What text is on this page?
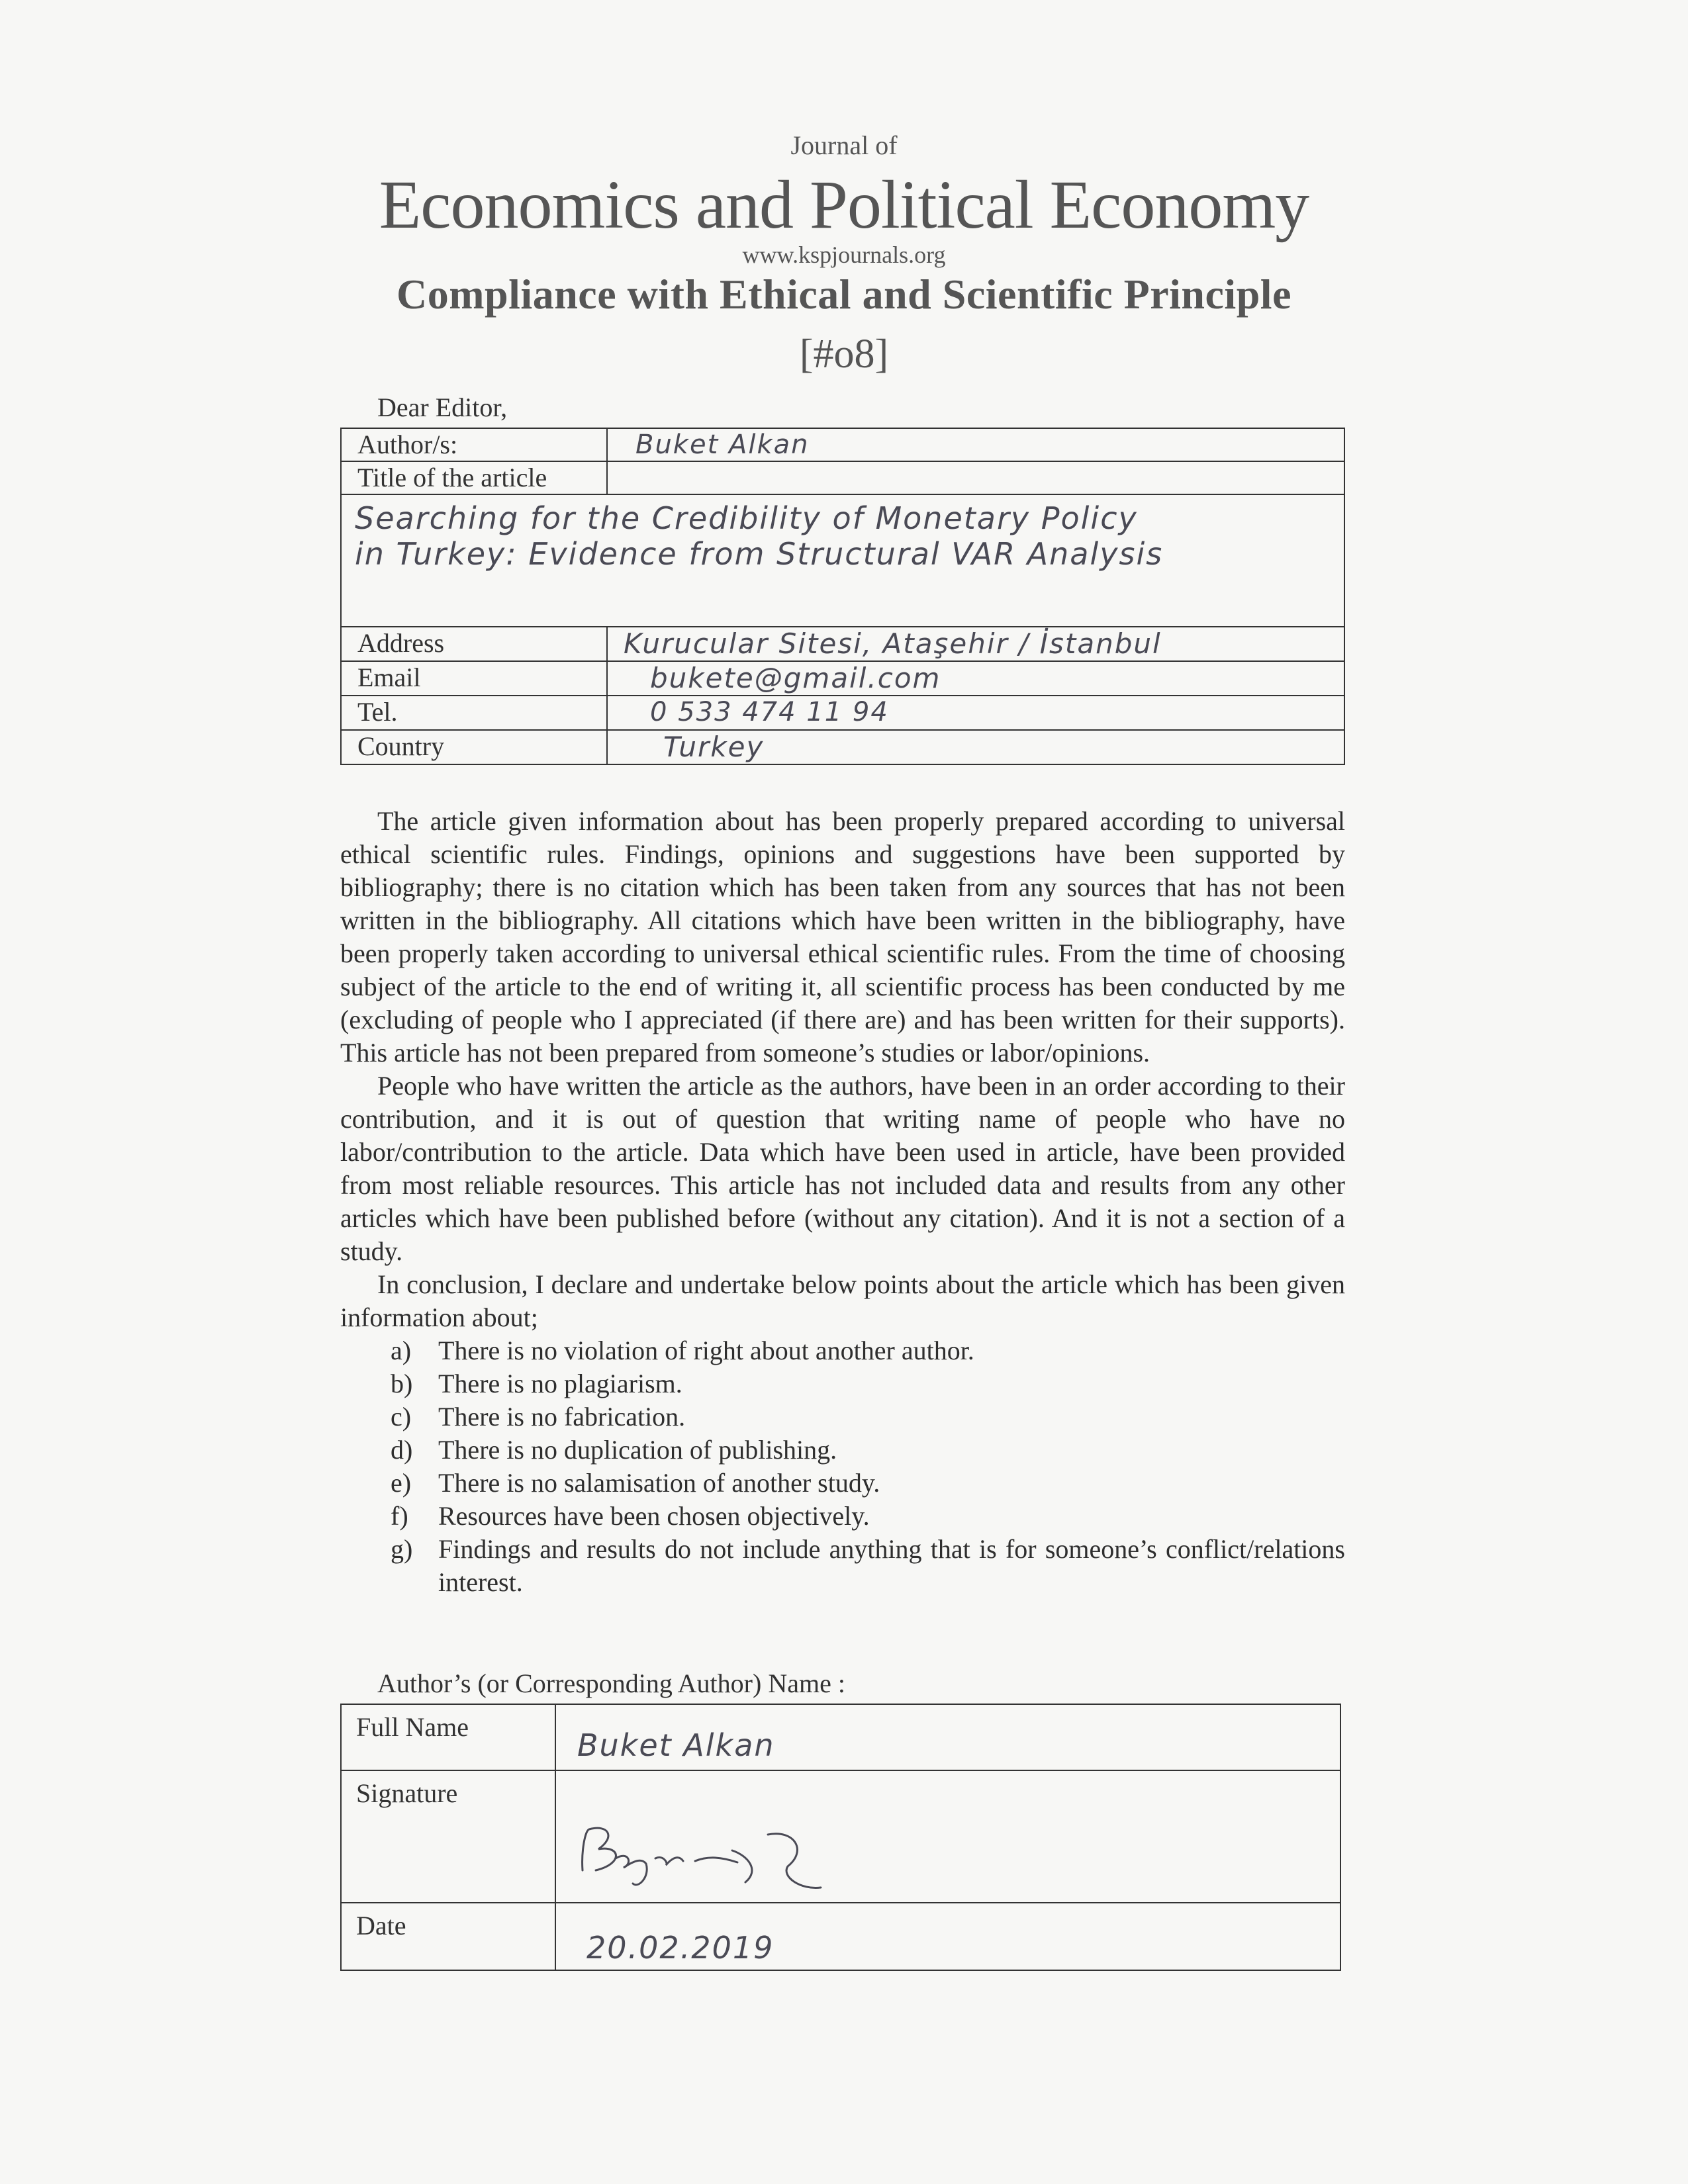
Journal of
Economics and Political Economy
www.kspjournals.org
Compliance with Ethical and Scientific Principle
[#o8]
Dear Editor,
Author/s:	Buket Alkan
Title of the article	

Searching for the Credibility of Monetary Policy
in Turkey: Evidence from Structural VAR Analysis	

Address	Kurucular Sitesi, Ataşehir / İstanbul
Email	bukete@gmail.com
Tel.	0 533 474 11 94
Country	Turkey

The article given information about has been properly prepared according to universal ethical scientific rules. Findings, opinions and suggestions have been supported by bibliography; there is no citation which has been taken from any sources that has not been written in the bibliography. All citations which have been written in the bibliography, have been properly taken according to universal ethical scientific rules. From the time of choosing subject of the article to the end of writing it, all scientific process has been conducted by me (excluding of people who I appreciated (if there are) and has been written for their supports). This article has not been prepared from someone’s studies or labor/opinions.

People who have written the article as the authors, have been in an order according to their contribution, and it is out of question that writing name of people who have no labor/contribution to the article. Data which have been used in article, have been provided from most reliable resources. This article has not included data and results from any other articles which have been published before (without any citation). And it is not a section of a study.

In conclusion, I declare and undertake below points about the article which has been given information about;

a) There is no violation of right about another author.
b) There is no plagiarism.
c) There is no fabrication.
d) There is no duplication of publishing.
e) There is no salamisation of another study.
f) Resources have been chosen objectively.
g) Findings and results do not include anything that is for someone’s conflict/relations interest.
Author’s (or Corresponding Author) Name :
Full Name	Buket Alkan
Signature	

Date	20.02.2019
